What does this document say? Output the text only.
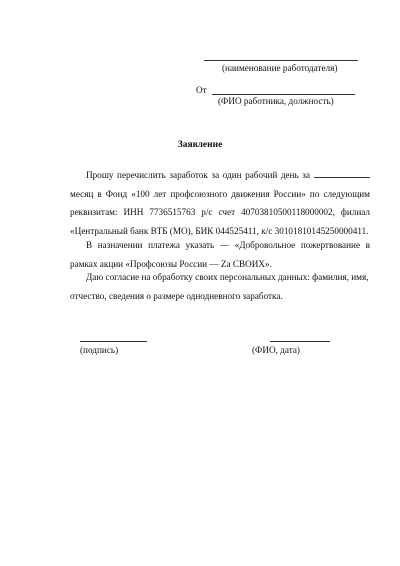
(наименование работодателя)
От
(ФИО работника, должность)
Заявление
Прошу перечислить заработок за один рабочий день за месяц в Фонд «100 лет профсоюзного движения России» по следующим реквизитам: ИНН 7736515763 р/с счет 40703810500118000002, филиал «Центральный банк ВТБ (МО), БИК 044525411, к/с 30101810145250000411.
В назначении платежа указать — «Добровольное пожертвование в рамках акции «Профсоюзы России — Zа СВОИХ».
Даю согласие на обработку своих персональных данных: фамилия, имя, отчество, сведения о размере однодневного заработка.
(подпись)	(ФИО, дата)
